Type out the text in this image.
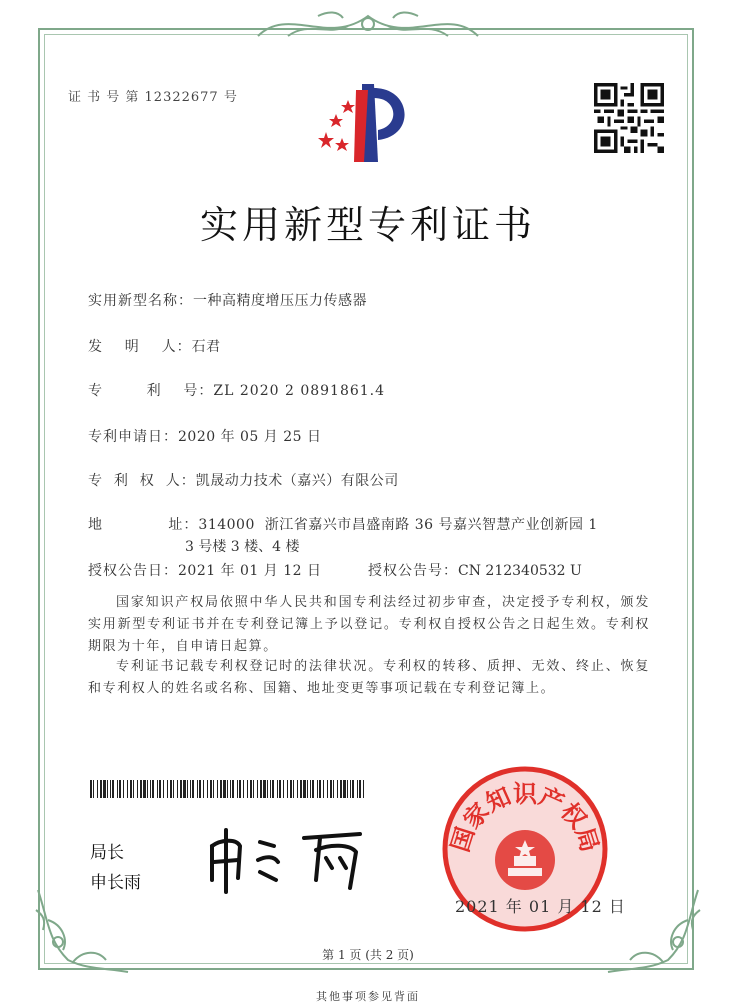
证 书 号 第 12322677 号
实用新型专利证书
实用新型名称：一种高精度增压压力传感器
发    明    人：石君
专        利    号：ZL 2020 2 0891861.4
专利申请日：2020 年 05 月 25 日
专  利  权  人：凯晟动力技术（嘉兴）有限公司
地            址：314000  浙江省嘉兴市昌盛南路 36 号嘉兴智慧产业创新园 1
3 号楼 3 楼、4 楼
授权公告日：2021 年 01 月 12 日	授权公告号：CN 212340532 U
国家知识产权局依照中华人民共和国专利法经过初步审查，决定授予专利权，颁发实用新型专利证书并在专利登记簿上予以登记。专利权自授权公告之日起生效。专利权期限为十年，自申请日起算。
专利证书记载专利权登记时的法律状况。专利权的转移、质押、无效、终止、恢复和专利权人的姓名或名称、国籍、地址变更等事项记载在专利登记簿上。
局长
申长雨
国家知识产权局
2021 年 01 月 12 日
第 1 页 (共 2 页)
其他事项参见背面
